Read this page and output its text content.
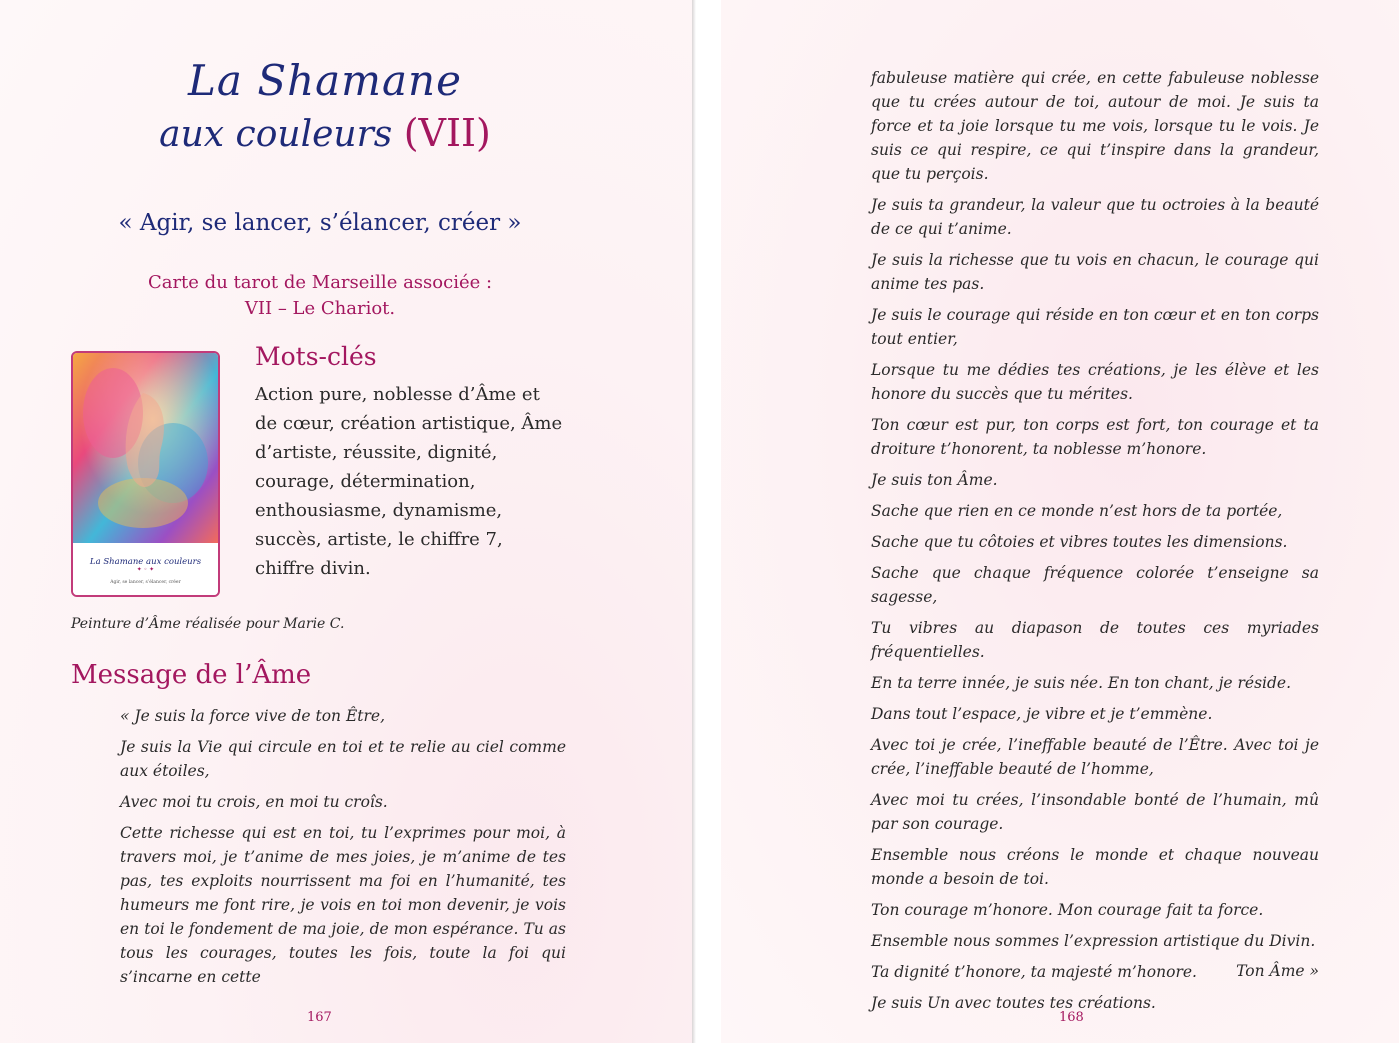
La Shamane
aux couleurs (VII)
« Agir, se lancer, s’élancer, créer »
Carte du tarot de Marseille associée :
VII – Le Chariot.
La Shamane aux couleurs
✦ ◦ ✦
Agir, se lancer, s’élancer, créer
Mots-clés
Action pure, noblesse d’Âme et de cœur, création artistique, Âme d’artiste, réussite, dignité, courage, détermination, enthousiasme, dynamisme, succès, artiste, le chiffre 7, chiffre divin.
Peinture d’Âme réalisée pour Marie C.
Message de l’Âme

« Je suis la force vive de ton Être,

Je suis la Vie qui circule en toi et te relie au ciel comme aux étoiles,

Avec moi tu crois, en moi tu croîs.

Cette richesse qui est en toi, tu l’exprimes pour moi, à travers moi, je t’anime de mes joies, je m’anime de tes pas, tes exploits nourrissent ma foi en l’humanité, tes humeurs me font rire, je vois en toi mon devenir, je vois en toi le fondement de ma joie, de mon espérance. Tu as tous les courages, toutes les fois, toute la foi qui s’incarne en cette

167

fabuleuse matière qui crée, en cette fabuleuse noblesse que tu crées autour de toi, autour de moi. Je suis ta force et ta joie lorsque tu me vois, lorsque tu le vois. Je suis ce qui respire, ce qui t’inspire dans la grandeur, que tu perçois.

Je suis ta grandeur, la valeur que tu octroies à la beauté de ce qui t’anime.

Je suis la richesse que tu vois en chacun, le courage qui anime tes pas.

Je suis le courage qui réside en ton cœur et en ton corps tout entier,

Lorsque tu me dédies tes créations, je les élève et les honore du succès que tu mérites.

Ton cœur est pur, ton corps est fort, ton courage et ta droiture t’honorent, ta noblesse m’honore.

Je suis ton Âme.

Sache que rien en ce monde n’est hors de ta portée,

Sache que tu côtoies et vibres toutes les dimensions.

Sache que chaque fréquence colorée t’enseigne sa sagesse,

Tu vibres au diapason de toutes ces myriades fréquentielles.

En ta terre innée, je suis née. En ton chant, je réside.

Dans tout l’espace, je vibre et je t’emmène.

Avec toi je crée, l’ineffable beauté de l’Être. Avec toi je crée, l’ineffable beauté de l’homme,

Avec moi tu crées, l’insondable bonté de l’humain, mû par son courage.

Ensemble nous créons le monde et chaque nouveau monde a besoin de toi.

Ton courage m’honore. Mon courage fait ta force.

Ensemble nous sommes l’expression artistique du Divin.

Ta dignité t’honore, ta majesté m’honore.

Je suis Un avec toutes tes créations.

Ton Âme »
168
